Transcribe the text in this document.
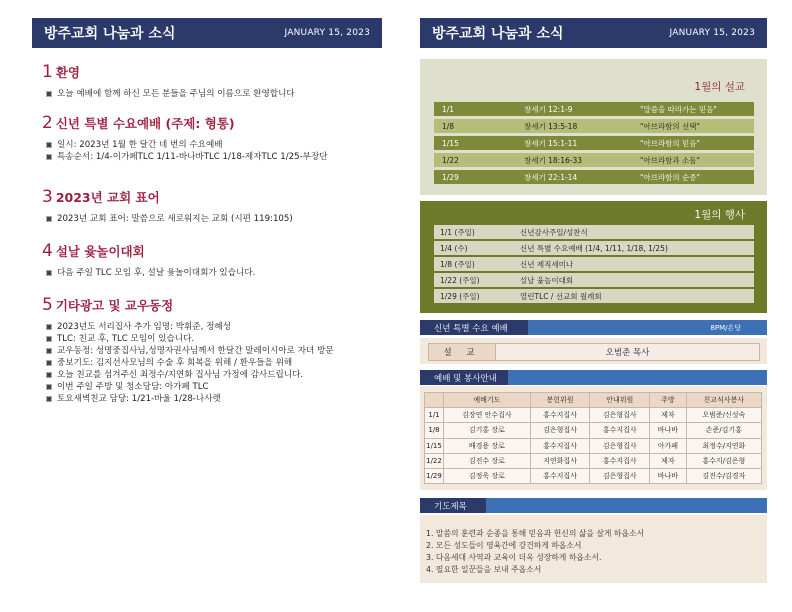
방주교회 나눔과 소식	JANUARY 15, 2023
1 환영
오늘 예배에 함께 하신 모든 분들을 주님의 이름으로 환영합니다
2 신년 특별 수요예배 (주제: 형통)
일시: 2023년 1월 한 달간 네 번의 수요예배
특송순서: 1/4-이가페TLC 1/11-바나바TLC 1/18-제자TLC 1/25-부장단
3 2023년 교회 표어
2023년 교회 표어: 말씀으로 새로워지는 교회 (시편 119:105)
4 설날 윷놀이대회
다음 주일 TLC 모임 후, 설날 윷놀이대회가 있습니다.
5 기타광고 및 교우동정
2023년도 서리집사 추가 임명: 박휘준, 정혜성
TLC: 친교 후, TLC 모임이 있습니다.
교우동정: 성명중집사님,성명자권사님께서 한달간 말레이시아로 자녀 방문
중보기도: 김지선사모님의 수술 후 회복을 위해 / 환우들을 위해
오늘 친교를 섬겨주신 최정수/지연화 집사님 가정에 감사드립니다.
이번 주일 주방 및 청소당담: 아가페 TLC
토요새벽친교 담당: 1/21-바울 1/28-나사렛
방주교회 나눔과 소식	JANUARY 15, 2023
1월의 설교
1/1	창세기 12:1-9	"말씀을 따라가는 믿음"
1/8	창세기 13:5-18	"아브라함의 선택"
1/15	창세기 15:1-11	"아브라함의 믿음"
1/22	창세기 18:16-33	"아브라함과 소돔"
1/29	창세기 22:1-14	"아브라함의 순종"
1월의 행사
1/1 (주일)	신년감사주일/성찬식
1/4 (수)	신년 특별 수요예배 (1/4, 1/11, 1/18, 1/25)
1/8 (주일)	신년 제직세미나
1/22 (주일)	설날 윷놀이대회
1/29 (주일)	열린TLC / 선교회 월례회
신년 특별 수요 예배	8PM/온당
설 교	오범준 목사
예배 및 봉사안내
	예배기도	봉헌위원	안내위원	주방	친교식사봉사
1/1	김장연 안수집사	홍수지집사	김은형집사	제자	오범준/신성숙
1/8	김기홍 장로	김은형집사	홍수지집사	바나바	손준/김기홍
1/15	배경용 장로	홍수지집사	김은형집사	아가페	최정수/지연화
1/22	김진수 장로	지연화집사	홍수지집사	제자	홍수지/김은형
1/29	김정욱 장로	홍수지집사	김은형집사	바나바	김진수/김경자
기도제목
1. 말씀의 훈련과 순종을 통해 믿음과 헌신의 삶을 살게 하옵소서
2. 모든 성도들이 영육간에 강건하게 하옵소서
3. 다음세대 사역과 교육이 더욱 성장하게 하옵소서.
4. 필요한 일꾼들을 보내 주옵소서
